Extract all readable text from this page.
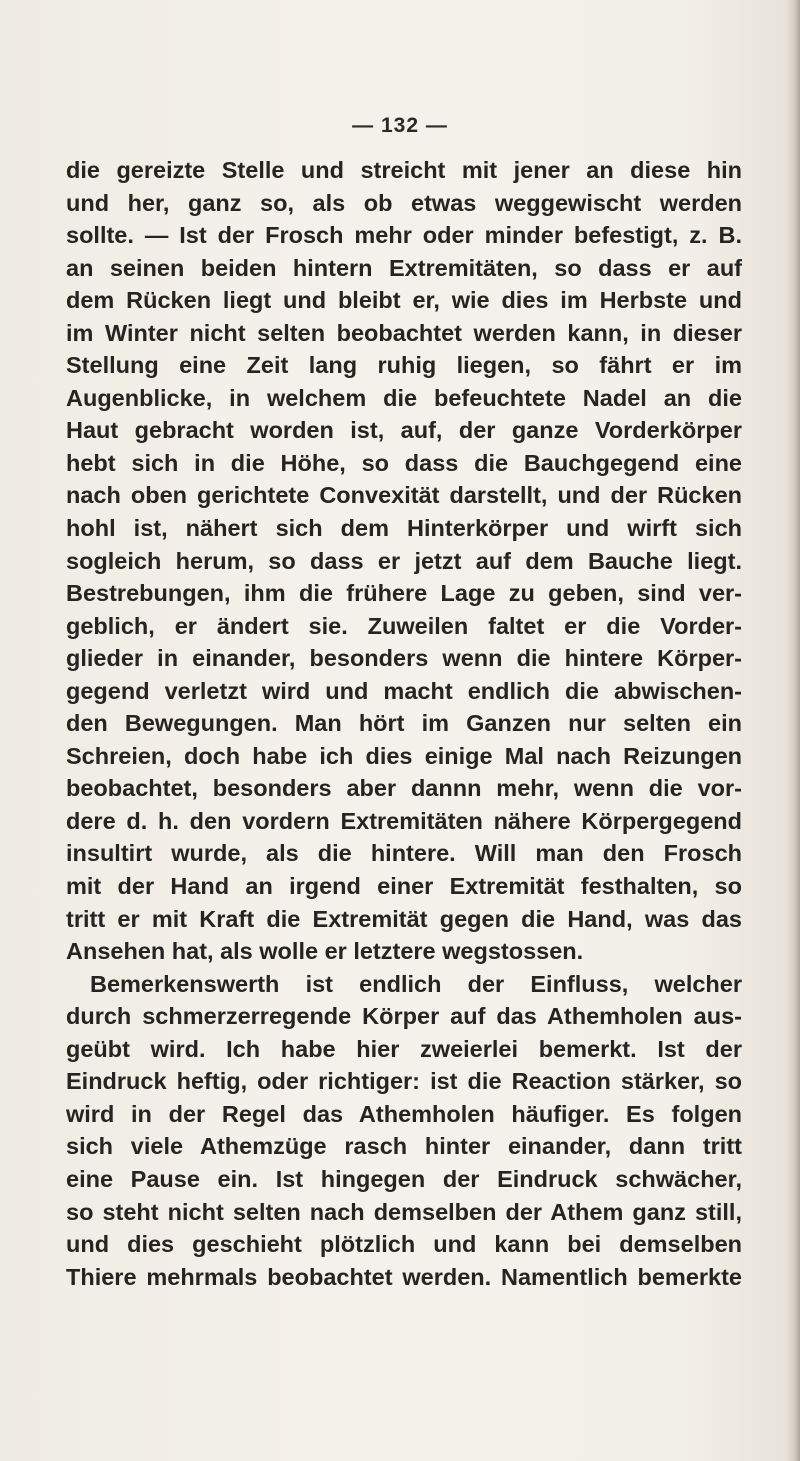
— 132 —
die gereizte Stelle und streicht mit jener an diese hin
und her, ganz so, als ob etwas weggewischt werden
sollte. — Ist der Frosch mehr oder minder befestigt, z. B.
an seinen beiden hintern Extremitäten, so dass er auf
dem Rücken liegt und bleibt er, wie dies im Herbste und
im Winter nicht selten beobachtet werden kann, in dieser
Stellung eine Zeit lang ruhig liegen, so fährt er im
Augenblicke, in welchem die befeuchtete Nadel an die
Haut gebracht worden ist, auf, der ganze Vorderkörper
hebt sich in die Höhe, so dass die Bauchgegend eine
nach oben gerichtete Convexität darstellt, und der Rücken
hohl ist, nähert sich dem Hinterkörper und wirft sich
sogleich herum, so dass er jetzt auf dem Bauche liegt.
Bestrebungen, ihm die frühere Lage zu geben, sind ver-
geblich, er ändert sie. Zuweilen faltet er die Vorder-
glieder in einander, besonders wenn die hintere Körper-
gegend verletzt wird und macht endlich die abwischen-
den Bewegungen. Man hört im Ganzen nur selten ein
Schreien, doch habe ich dies einige Mal nach Reizungen
beobachtet, besonders aber dannn mehr, wenn die vor-
dere d. h. den vordern Extremitäten nähere Körpergegend
insultirt wurde, als die hintere. Will man den Frosch
mit der Hand an irgend einer Extremität festhalten, so
tritt er mit Kraft die Extremität gegen die Hand, was das
Ansehen hat, als wolle er letztere wegstossen.
Bemerkenswerth ist endlich der Einfluss, welcher
durch schmerzerregende Körper auf das Athemholen aus-
geübt wird. Ich habe hier zweierlei bemerkt. Ist der
Eindruck heftig, oder richtiger: ist die Reaction stärker, so
wird in der Regel das Athemholen häufiger. Es folgen
sich viele Athemzüge rasch hinter einander, dann tritt
eine Pause ein. Ist hingegen der Eindruck schwächer,
so steht nicht selten nach demselben der Athem ganz still,
und dies geschieht plötzlich und kann bei demselben
Thiere mehrmals beobachtet werden. Namentlich bemerkte
